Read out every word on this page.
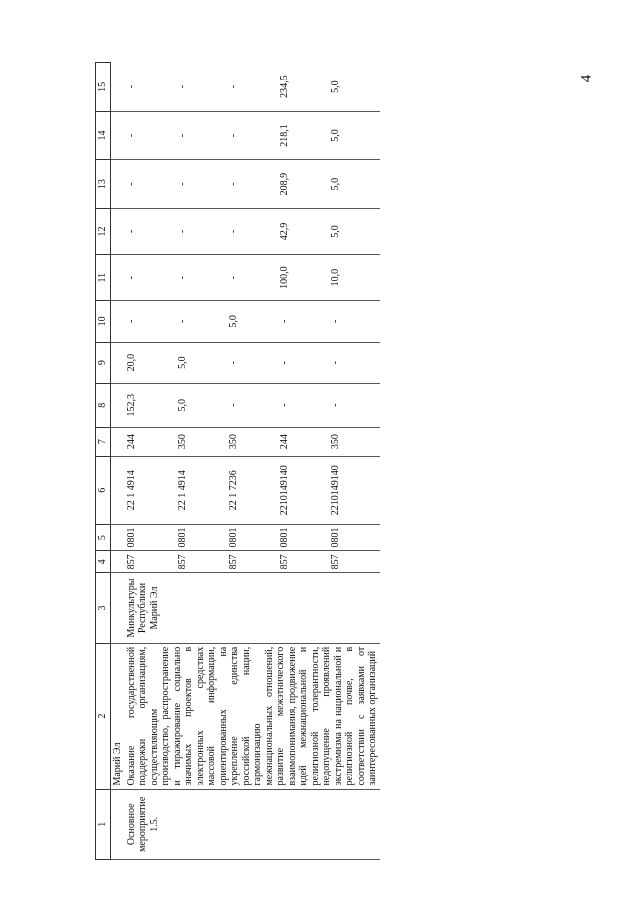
4
1	2	3	4	5	6	7	8	9	10	11	12	13	14	15
	Марий Эл													
Основное мероприятие 1.5.	Оказание государственной поддержки организациям, осуществляющим производство, распространение и тиражирование социально значимых проектов в электронных средствах массовой информации, ориентированных на укрепление единства российской нации, гармонизацию межнациональных отношений, развитие межэтнического взаимопонимания, продвижение идей межнациональной и религиозной толерантности, недопущение проявлений экстремизма на национальной и религиозной почве, в соответствии с заявками от заинтересованных организаций	Минкультуры Республики Марий Эл	857	0801	22 1 4914	244	152,3	20,0	-	-	-	-	-	-
			857	0801	22 1 4914	350	5,0	5,0	-	-	-	-	-	-
			857	0801	22 1 7236	350	-	-	5,0	-	-	-	-	-
			857	0801	2210149140	244	-	-	-	100,0	42,9	208,9	218,1	234,5
			857	0801	2210149140	350	-	-	-	10,0	5,0	5,0	5,0	5,0
